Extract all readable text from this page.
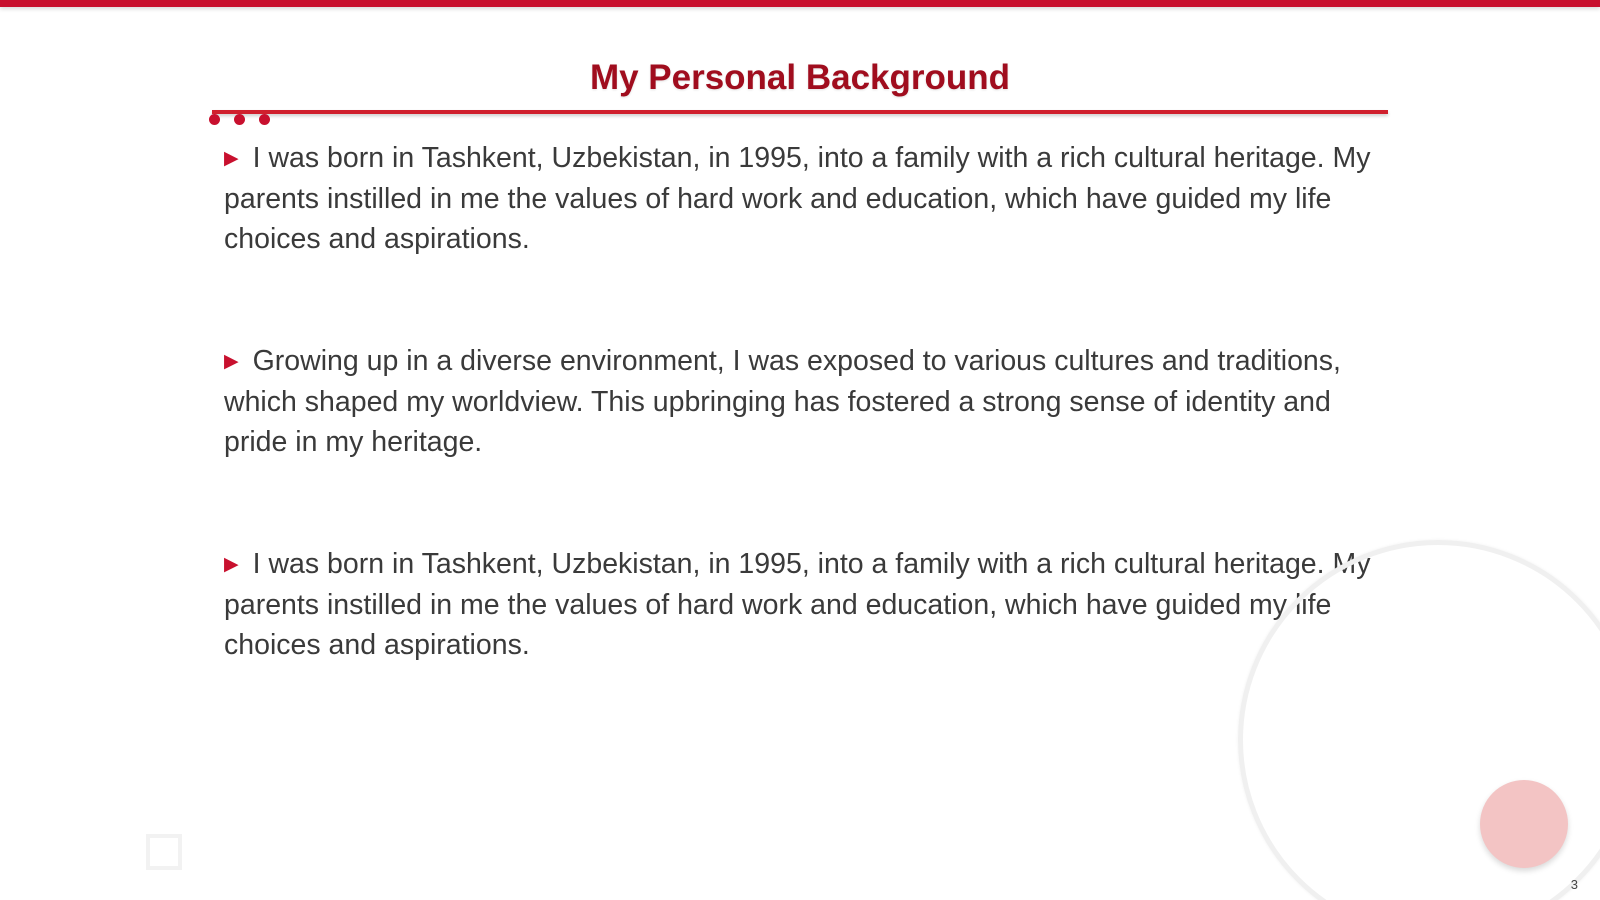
My Personal Background

▶ I was born in Tashkent, Uzbekistan, in 1995, into a family with a rich cultural heritage. My parents instilled in me the values of hard work and education, which have guided my life choices and aspirations.

▶ Growing up in a diverse environment, I was exposed to various cultures and traditions, which shaped my worldview. This upbringing has fostered a strong sense of identity and pride in my heritage.

▶ I was born in Tashkent, Uzbekistan, in 1995, into a family with a rich cultural heritage. My parents instilled in me the values of hard work and education, which have guided my life choices and aspirations.

3
